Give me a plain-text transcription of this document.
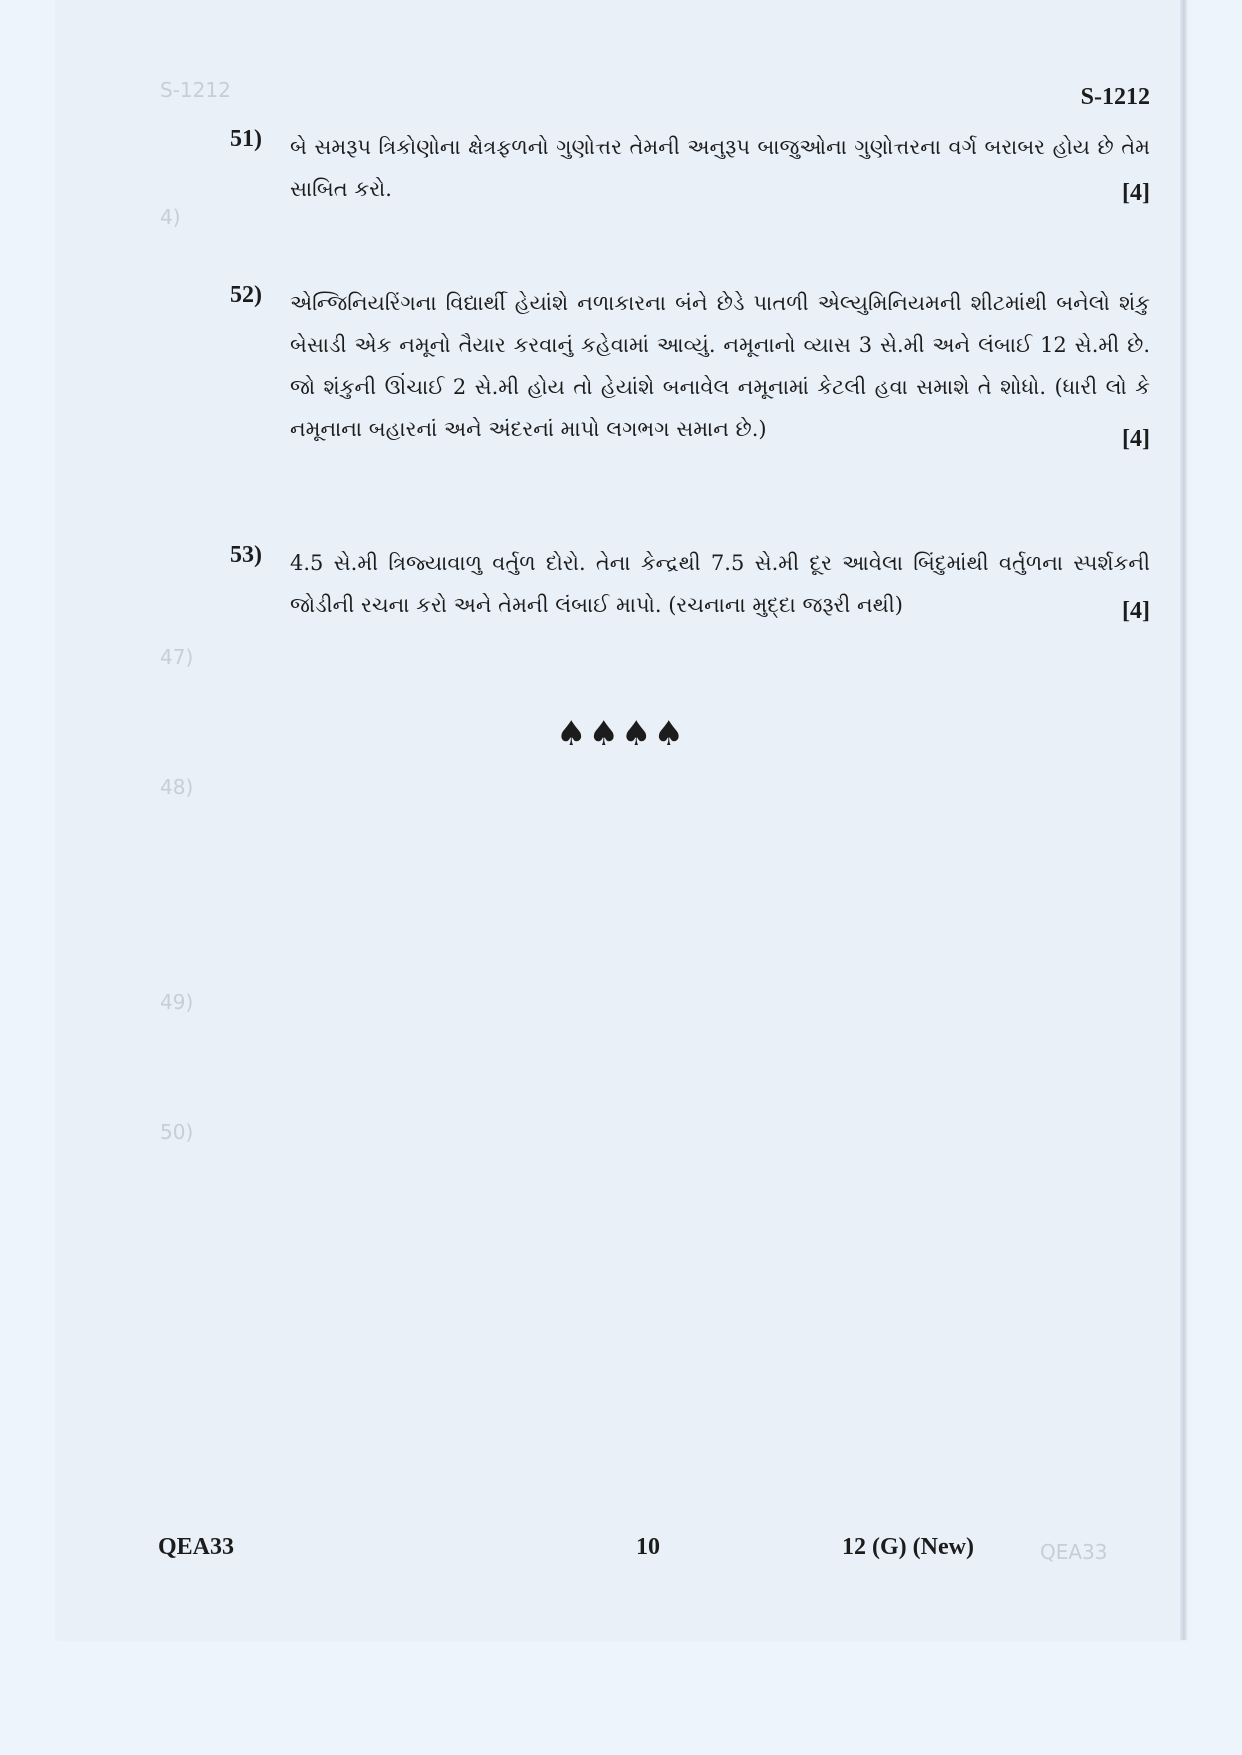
S-1212
4)
47)
48)
49)
50)
QEA33
S-1212
51)	બે સમરૂપ ત્રિકોણોના ક્ષેત્રફળનો ગુણોત્તર તેમની અનુરૂપ બાજુઓના ગુણોત્તરના વર્ગ બરાબર હોય છે તેમ સાબિત કરો.	[4]
52)	એન્જિનિયરિંગના વિદ્યાર્થી હેયાંશે નળાકારના બંને છેડે પાતળી એલ્યુમિનિયમની શીટમાંથી બનેલો શંકુ બેસાડી એક નમૂનો તૈયાર કરવાનું કહેવામાં આવ્યું. નમૂનાનો વ્યાસ 3 સે.મી અને લંબાઈ 12 સે.મી છે. જો શંકુની ઊંચાઈ 2 સે.મી હોય તો હેયાંશે બનાવેલ નમૂનામાં કેટલી હવા સમાશે તે શોધો. (ધારી લો કે નમૂનાના બહારનાં અને અંદરનાં માપો લગભગ સમાન છે.)	[4]
53)	4.5 સે.મી ત્રિજ્યાવાળુ વર્તુળ દોરો. તેના કેન્દ્રથી 7.5 સે.મી દૂર આવેલા બિંદુમાંથી વર્તુળના સ્પર્શકની જોડીની રચના કરો અને તેમની લંબાઈ માપો. (રચનાના મુદ્દા જરૂરી નથી)	[4]
♠♠♠♠
QEA33	10	12 (G) (New)
